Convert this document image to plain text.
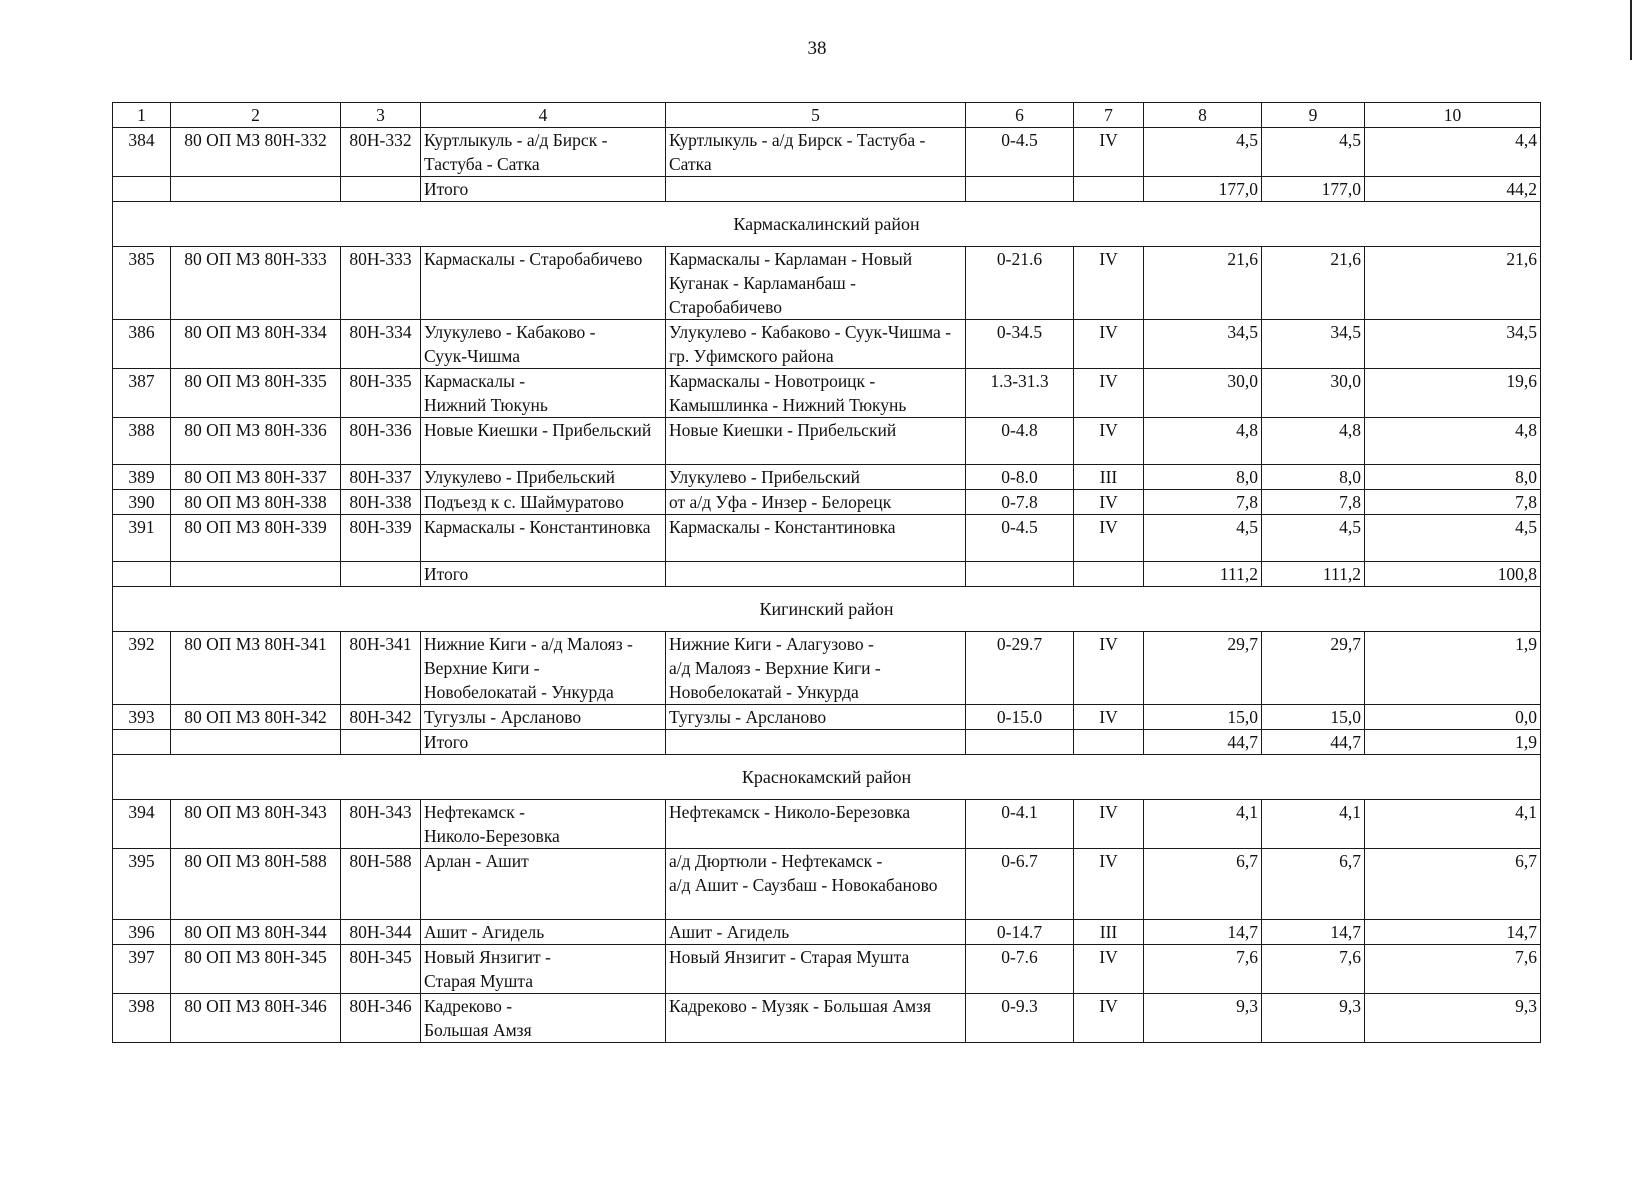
38
1	2	3	4	5	6	7	8	9	10
384	80 ОП МЗ 80Н-332	80Н-332	Куртлыкуль - а/д Бирск -
Тастуба - Сатка	Куртлыкуль - а/д Бирск - Тастуба -
Сатка	0-4.5	IV	4,5	4,5	4,4
			Итого				177,0	177,0	44,2
Кармаскалинский район									
385	80 ОП МЗ 80Н-333	80Н-333	Кармаскалы - Старобабичево	Кармаскалы - Карламан - Новый
Куганак - Карламанбаш -
Старобабичево	0-21.6	IV	21,6	21,6	21,6
386	80 ОП МЗ 80Н-334	80Н-334	Улукулево - Кабаково -
Суук-Чишма	Улукулево - Кабаково - Суук-Чишма -
гр. Уфимского района	0-34.5	IV	34,5	34,5	34,5
387	80 ОП МЗ 80Н-335	80Н-335	Кармаскалы -
Нижний Тюкунь	Кармаскалы - Новотроицк -
Камышлинка - Нижний Тюкунь	1.3-31.3	IV	30,0	30,0	19,6
388	80 ОП МЗ 80Н-336	80Н-336	Новые Киешки - Прибельский	Новые Киешки - Прибельский	0-4.8	IV	4,8	4,8	4,8
389	80 ОП МЗ 80Н-337	80Н-337	Улукулево - Прибельский	Улукулево - Прибельский	0-8.0	III	8,0	8,0	8,0
390	80 ОП МЗ 80Н-338	80Н-338	Подъезд к с. Шаймуратово	от а/д Уфа - Инзер - Белорецк	0-7.8	IV	7,8	7,8	7,8
391	80 ОП МЗ 80Н-339	80Н-339	Кармаскалы - Константиновка	Кармаскалы - Константиновка	0-4.5	IV	4,5	4,5	4,5
			Итого				111,2	111,2	100,8
Кигинский район									
392	80 ОП МЗ 80Н-341	80Н-341	Нижние Киги - а/д Малояз -
Верхние Киги -
Новобелокатай - Ункурда	Нижние Киги - Алагузово -
а/д Малояз - Верхние Киги -
Новобелокатай - Ункурда	0-29.7	IV	29,7	29,7	1,9
393	80 ОП МЗ 80Н-342	80Н-342	Тугузлы - Арсланово	Тугузлы - Арсланово	0-15.0	IV	15,0	15,0	0,0
			Итого				44,7	44,7	1,9
Краснокамский район									
394	80 ОП МЗ 80Н-343	80Н-343	Нефтекамск -
Николо-Березовка	Нефтекамск - Николо-Березовка	0-4.1	IV	4,1	4,1	4,1
395	80 ОП МЗ 80Н-588	80Н-588	Арлан - Ашит	а/д Дюртюли - Нефтекамск -
а/д Ашит - Саузбаш - Новокабаново	0-6.7	IV	6,7	6,7	6,7
396	80 ОП МЗ 80Н-344	80Н-344	Ашит - Агидель	Ашит - Агидель	0-14.7	III	14,7	14,7	14,7
397	80 ОП МЗ 80Н-345	80Н-345	Новый Янзигит -
Старая Мушта	Новый Янзигит - Старая Мушта	0-7.6	IV	7,6	7,6	7,6
398	80 ОП МЗ 80Н-346	80Н-346	Кадреково -
Большая Амзя	Кадреково - Музяк - Большая Амзя	0-9.3	IV	9,3	9,3	9,3
